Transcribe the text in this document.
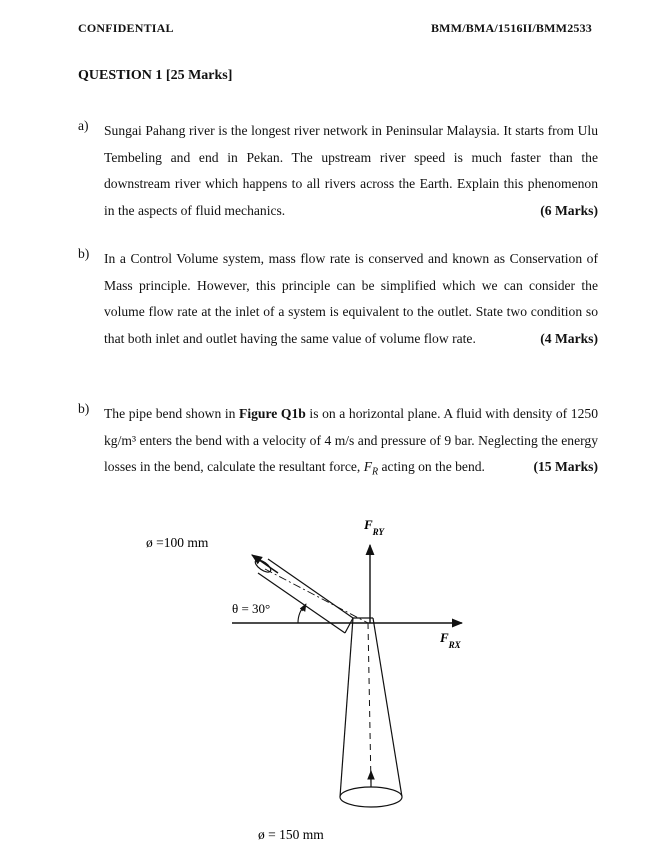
CONFIDENTIAL	BMM/BMA/1516II/BMM2533
QUESTION 1 [25 Marks]
a) Sungai Pahang river is the longest river network in Peninsular Malaysia. It starts from Ulu Tembeling and end in Pekan. The upstream river speed is much faster than the downstream river which happens to all rivers across the Earth. Explain this phenomenon in the aspects of fluid mechanics.	(6 Marks)
b) In a Control Volume system, mass flow rate is conserved and known as Conservation of Mass principle. However, this principle can be simplified which we can consider the volume flow rate at the inlet of a system is equivalent to the outlet. State two condition so that both inlet and outlet having the same value of volume flow rate.	(4 Marks)
b) The pipe bend shown in Figure Q1b is on a horizontal plane. A fluid with density of 1250 kg/m³ enters the bend with a velocity of 4 m/s and pressure of 9 bar. Neglecting the energy losses in the bend, calculate the resultant force, $F_R$ acting on the bend.	(15 Marks)
ø =100 mm
θ = 30°
ø = 150 mm
$F_{RY}$
$F_{RX}$
